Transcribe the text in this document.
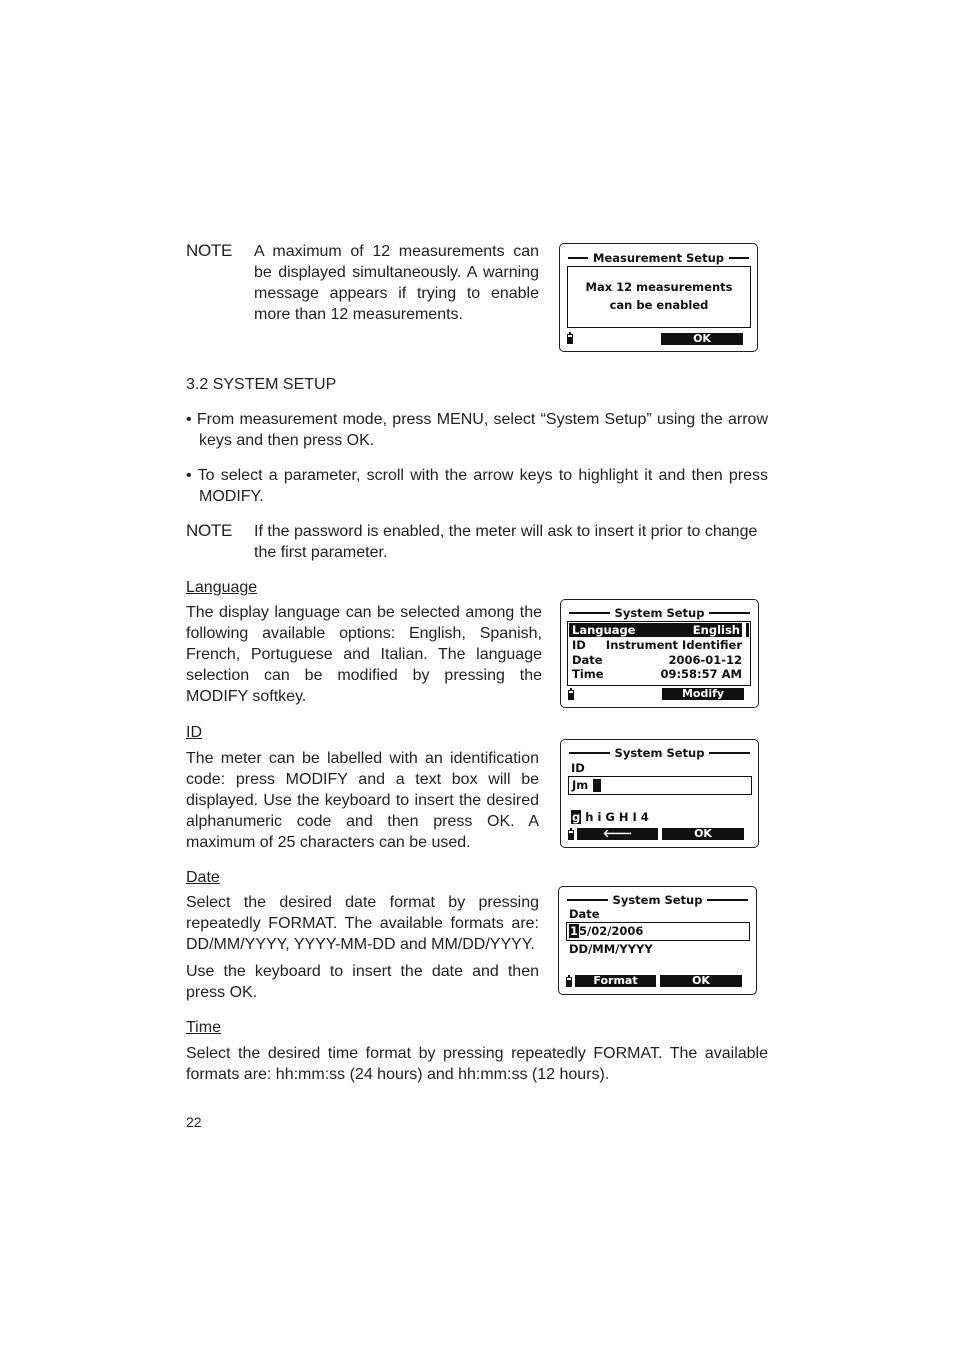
NOTE A maximum of 12 measurements can be displayed simultaneously. A warning message appears if trying to enable more than 12 measurements.
Measurement Setup
Max 12 measurements
can be enabled
OK
3.2 SYSTEM SETUP
• From measurement mode, press MENU, select “System Setup” using the arrow keys and then press OK.
• To select a parameter, scroll with the arrow keys to highlight it and then press MODIFY.
NOTE If the password is enabled, the meter will ask to insert it prior to change the first parameter.
Language
The display language can be selected among the following available options: English, Spanish, French, Portuguese and Italian. The language selection can be modified by pressing the MODIFY softkey.
System Setup
Language	English
ID Instrument Identifier
Date	2006-01-12
Time	09:58:57 AM
Modify
ID
The meter can be labelled with an identification code: press MODIFY and a text box will be displayed. Use the keyboard to insert the desired alphanumeric code and then press OK. A maximum of 25 characters can be used.
System Setup
ID
Jm
g h i G H I 4
🡐	OK
Date
Select the desired date format by pressing repeatedly FORMAT. The available formats are: DD/MM/YYYY, YYYY-MM-DD and MM/DD/YYYY.
Use the keyboard to insert the date and then press OK.
System Setup
Date
15/02/2006
DD/MM/YYYY
Format	OK
Time
Select the desired time format by pressing repeatedly FORMAT. The available formats are: hh:mm:ss (24 hours) and hh:mm:ss (12 hours).
22
